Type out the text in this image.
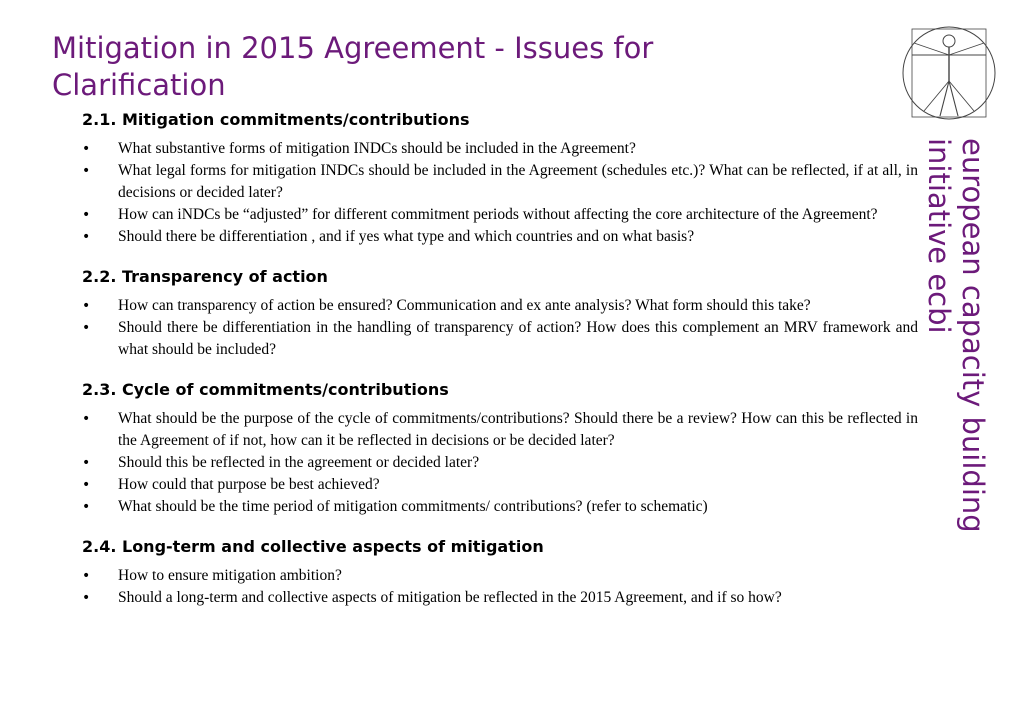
Mitigation in 2015 Agreement - Issues for Clarification
european capacity building
initiative ecbi
2.1. Mitigation commitments/contributions
• What substantive forms of mitigation INDCs should be included in the Agreement?
• What legal forms for mitigation INDCs should be included in the Agreement (schedules etc.)? What can be reflected, if at all, in decisions or decided later?
• How can iNDCs be “adjusted” for different commitment periods without affecting the core architecture of the Agreement?
• Should there be differentiation , and if yes what type and which countries and on what basis?
2.2. Transparency of action
• How can transparency of action be ensured? Communication and ex ante analysis? What form should this take?
• Should there be differentiation in the handling of transparency of action? How does this complement an MRV framework and what should be included?
2.3. Cycle of commitments/contributions
• What should be the purpose of the cycle of commitments/contributions? Should there be a review? How can this be reflected in the Agreement of if not, how can it be reflected in decisions or be decided later?
• Should this be reflected in the agreement or decided later?
• How could that purpose be best achieved?
• What should be the time period of mitigation commitments/ contributions? (refer to schematic)
2.4. Long-term and collective aspects of mitigation
• How to ensure mitigation ambition?
• Should a long-term and collective aspects of mitigation be reflected in the 2015 Agreement, and if so how?
